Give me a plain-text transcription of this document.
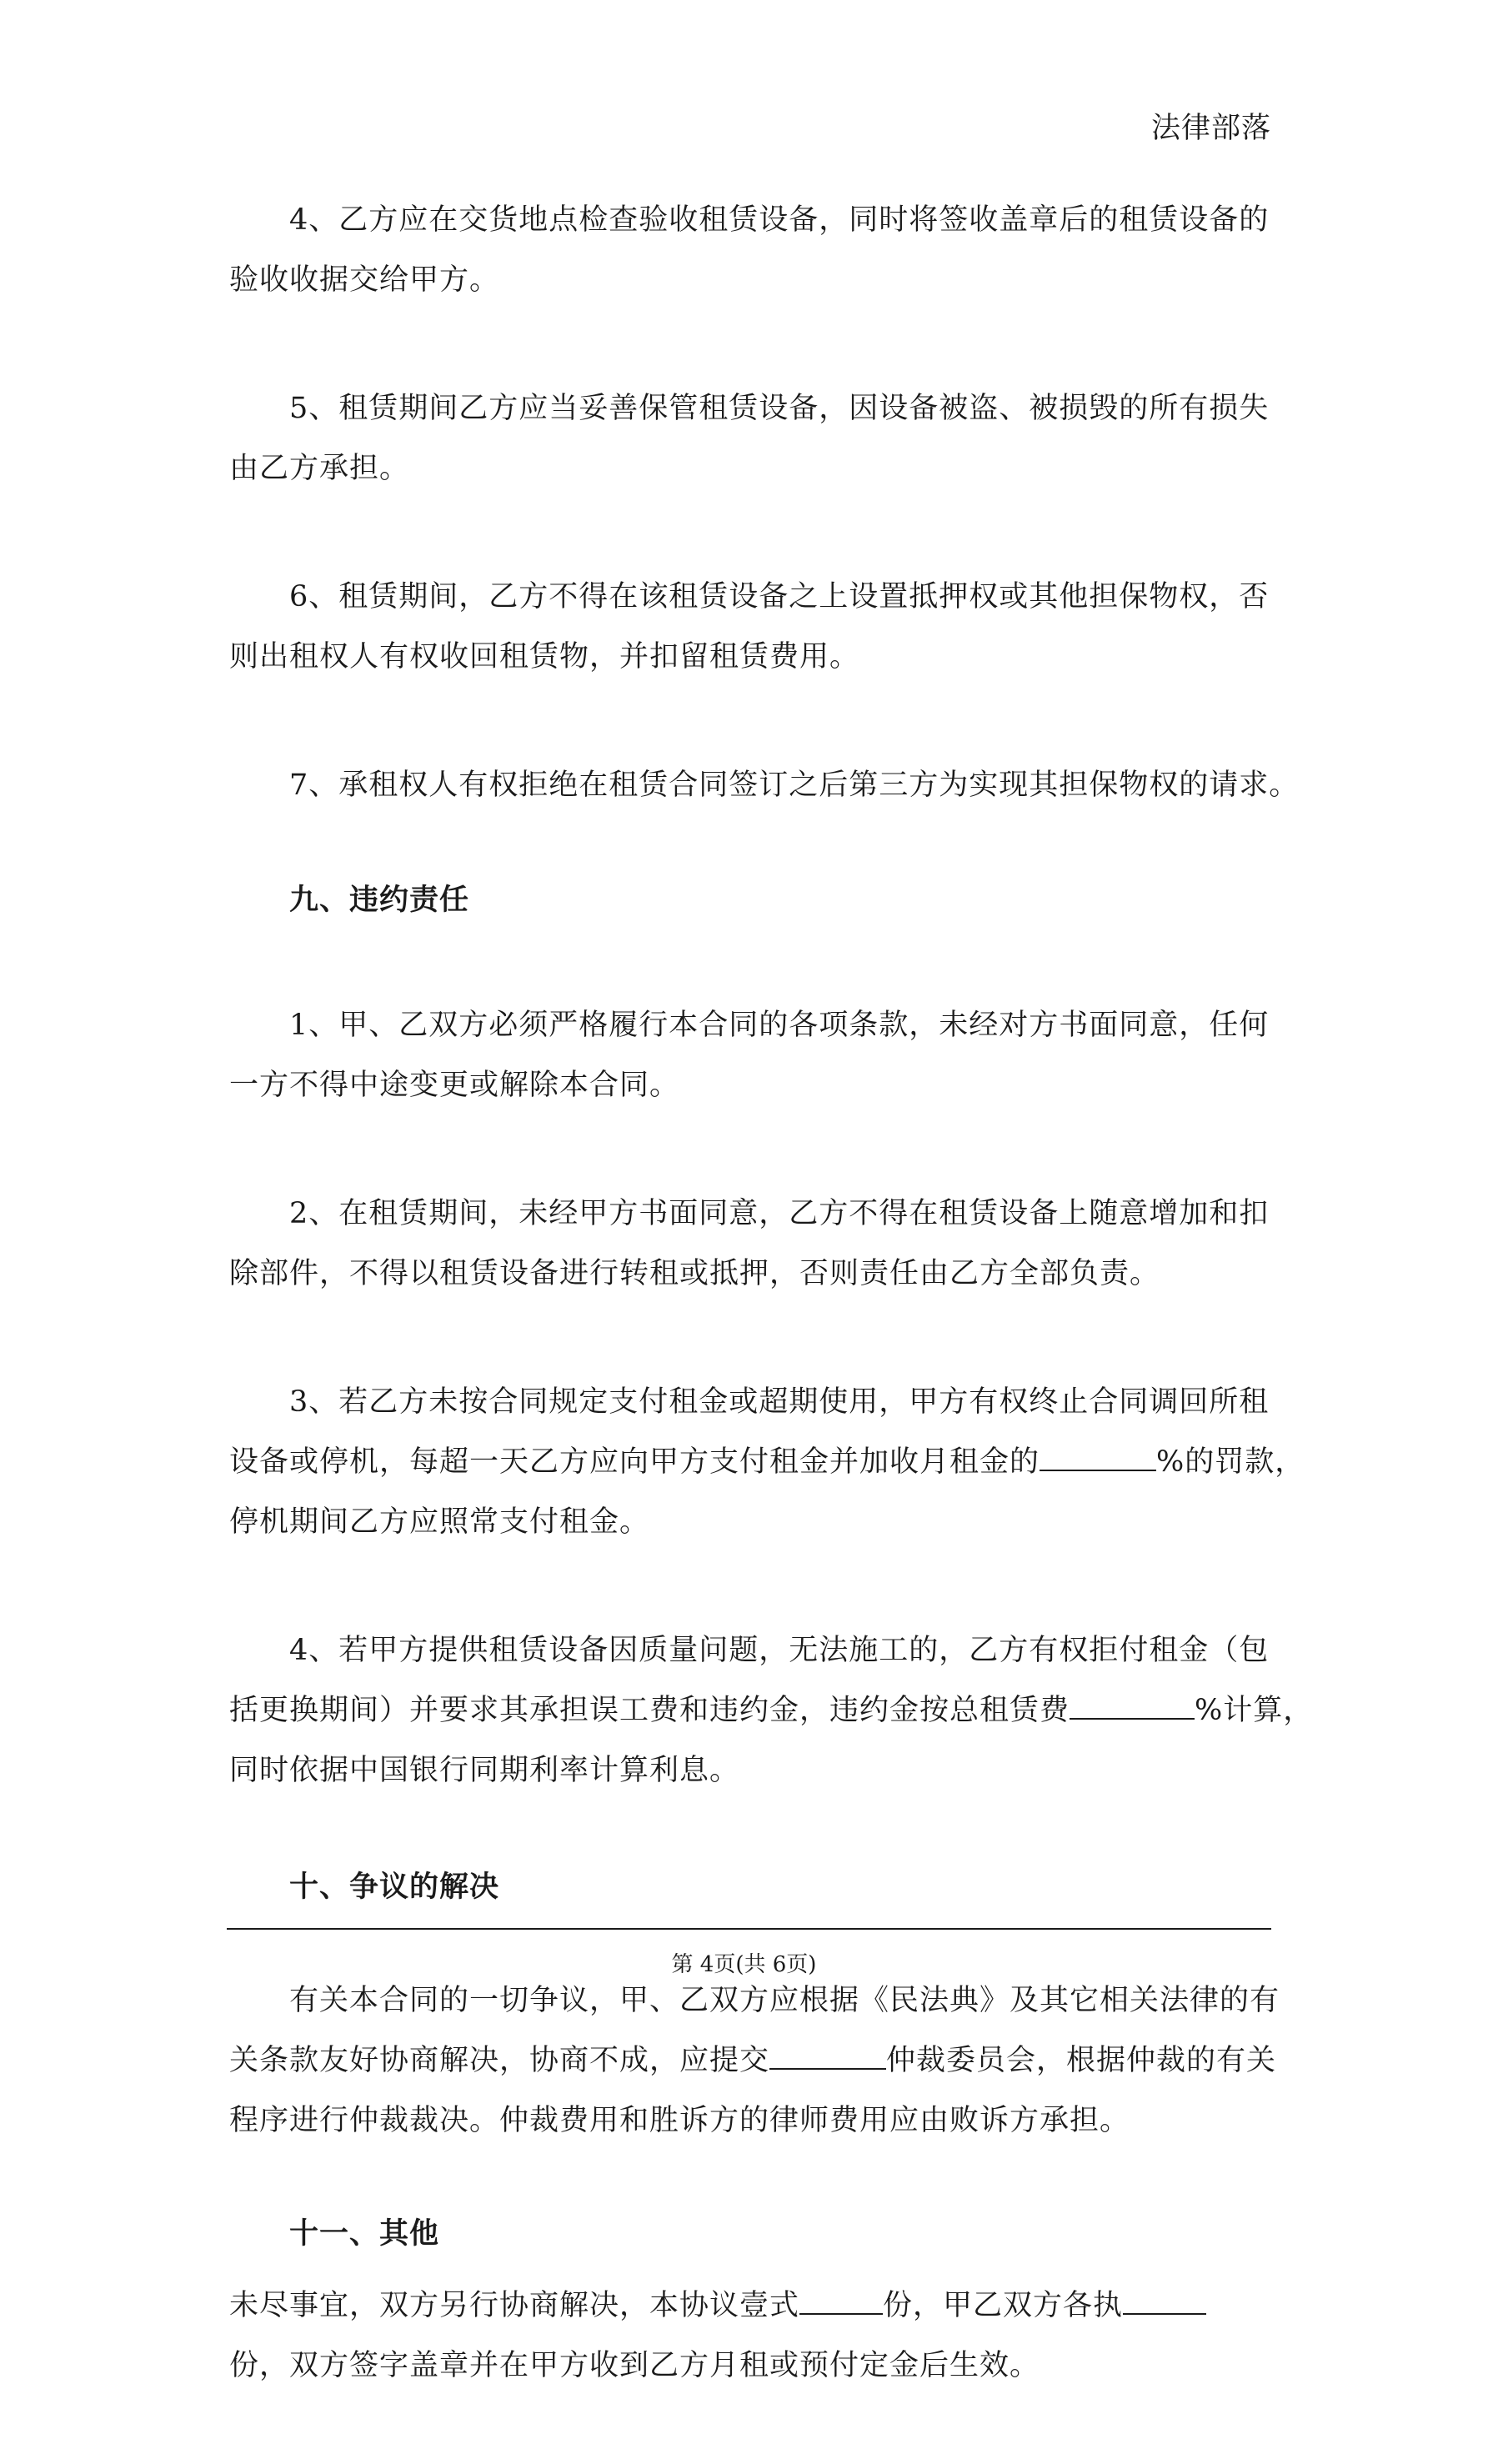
法律部落

4、乙方应在交货地点检查验收租赁设备，同时将签收盖章后的租赁设备的
验收收据交给甲方。

5、租赁期间乙方应当妥善保管租赁设备，因设备被盗、被损毁的所有损失
由乙方承担。

6、租赁期间，乙方不得在该租赁设备之上设置抵押权或其他担保物权，否
则出租权人有权收回租赁物，并扣留租赁费用。

7、承租权人有权拒绝在租赁合同签订之后第三方为实现其担保物权的请求。

九、违约责任

1、甲、乙双方必须严格履行本合同的各项条款，未经对方书面同意，任何
一方不得中途变更或解除本合同。

2、在租赁期间，未经甲方书面同意，乙方不得在租赁设备上随意增加和扣
除部件，不得以租赁设备进行转租或抵押，否则责任由乙方全部负责。

3、若乙方未按合同规定支付租金或超期使用，甲方有权终止合同调回所租
设备或停机，每超一天乙方应向甲方支付租金并加收月租金的	%的罚款，
停机期间乙方应照常支付租金。

4、若甲方提供租赁设备因质量问题，无法施工的，乙方有权拒付租金（包
括更换期间）并要求其承担误工费和违约金，违约金按总租赁费	%计算，
同时依据中国银行同期利率计算利息。

十、争议的解决

有关本合同的一切争议，甲、乙双方应根据《民法典》及其它相关法律的有
关条款友好协商解决，协商不成，应提交	仲裁委员会，根据仲裁的有关
程序进行仲裁裁决。仲裁费用和胜诉方的律师费用应由败诉方承担。

十一、其他

未尽事宜，双方另行协商解决，本协议壹式	份，甲乙双方各执
份，双方签字盖章并在甲方收到乙方月租或预付定金后生效。

第 4页(共 6页)
